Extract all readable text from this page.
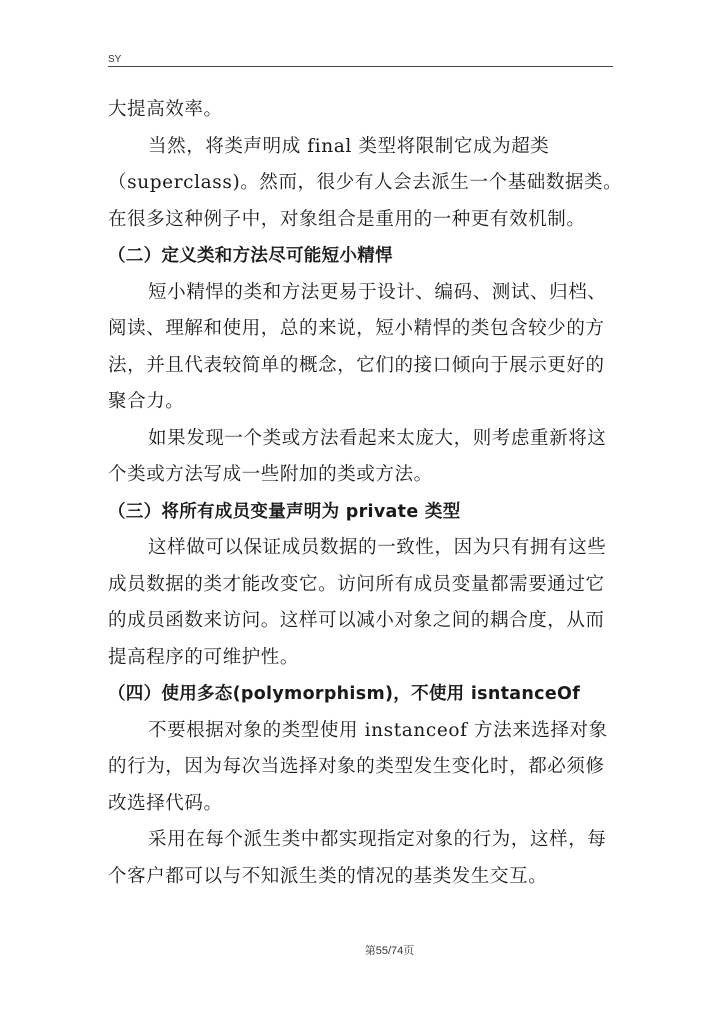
SY
大提高效率。
当然，将类声明成 final 类型将限制它成为超类
（superclass)。然而，很少有人会去派生一个基础数据类。
在很多这种例子中，对象组合是重用的一种更有效机制。
（二）定义类和方法尽可能短小精悍
短小精悍的类和方法更易于设计、编码、测试、归档、
阅读、理解和使用，总的来说，短小精悍的类包含较少的方
法，并且代表较简单的概念，它们的接口倾向于展示更好的
聚合力。
如果发现一个类或方法看起来太庞大，则考虑重新将这
个类或方法写成一些附加的类或方法。
（三）将所有成员变量声明为 private 类型
这样做可以保证成员数据的一致性，因为只有拥有这些
成员数据的类才能改变它。访问所有成员变量都需要通过它
的成员函数来访问。这样可以减小对象之间的耦合度，从而
提高程序的可维护性。
（四）使用多态(polymorphism)，不使用 isntanceOf
不要根据对象的类型使用 instanceof 方法来选择对象
的行为，因为每次当选择对象的类型发生变化时，都必须修
改选择代码。
采用在每个派生类中都实现指定对象的行为，这样，每
个客户都可以与不知派生类的情况的基类发生交互。
第55/74页
